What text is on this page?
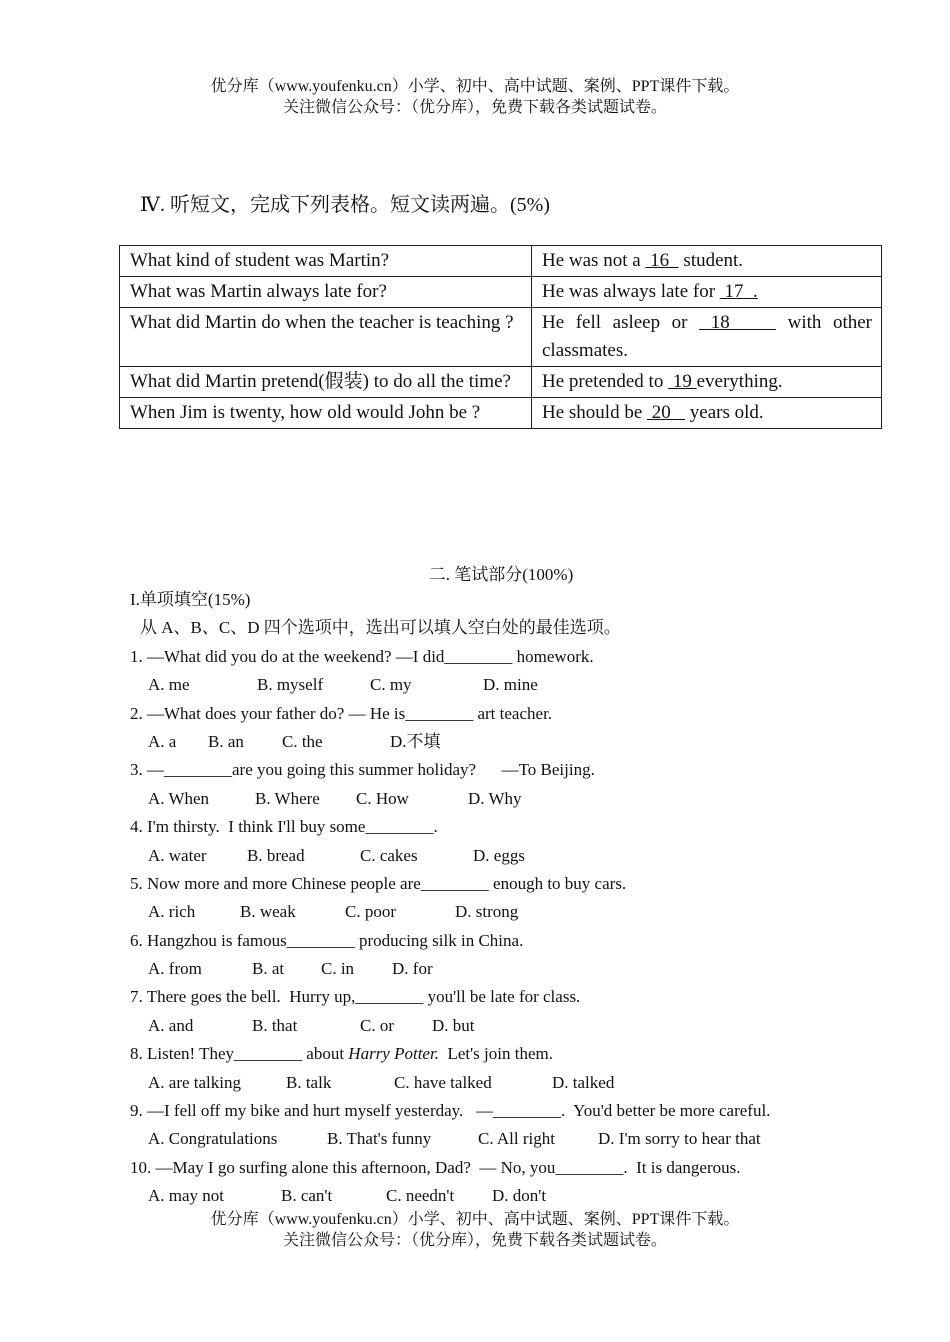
优分库（www.youfenku.cn）小学、初中、高中试题、案例、PPT课件下载。
关注微信公众号：（优分库），免费下载各类试题试卷。
Ⅳ. 听短文，完成下列表格。短文读两遍。(5%)
What kind of student was Martin?	He was not a  16   student.
What was Martin always late for?	He was always late for  17  .
What did Martin do when the teacher is teaching ?	He fell asleep or  18     with other classmates.
What did Martin pretend(假装) to do all the time?	He pretended to  19 everything.
When Jim is twenty, how old would John be ?	He should be  20    years old.
二. 笔试部分(100%)
I.单项填空(15%)
从 A、B、C、D 四个选项中，选出可以填人空白处的最佳选项。
1. —What did you do at the weekend? —I did________ homework.
A. me	B. myself	C. my	D. mine
2. —What does your father do? — He is________ art teacher.
A. a B. an C. the	D.不填
3. —________are you going this summer holiday?      —To Beijing.
A. When	B. Where C. How	D. Why
4. I'm thirsty.  I think I'll buy some________.
A. water B. bread	C. cakes	D. eggs
5. Now more and more Chinese people are________ enough to buy cars.
A. rich	B. weak	C. poor	D. strong
6. Hangzhou is famous________ producing silk in China.
A. from	B. at C. in D. for
7. There goes the bell.  Hurry up,________ you'll be late for class.
A. and	B. that	C. or D. but
8. Listen! They________ about Harry Potter.  Let's join them.
A. are talking	B. talk	C. have talked	D. talked
9. —I fell off my bike and hurt myself yesterday.   —________.  You'd better be more careful.
A. Congratulations	B. That's funny	C. All right	D. I'm sorry to hear that
10. —May I go surfing alone this afternoon, Dad?  — No, you________.  It is dangerous.
A. may not	B. can't	C. needn't D. don't
优分库（www.youfenku.cn）小学、初中、高中试题、案例、PPT课件下载。
关注微信公众号：（优分库），免费下载各类试题试卷。
